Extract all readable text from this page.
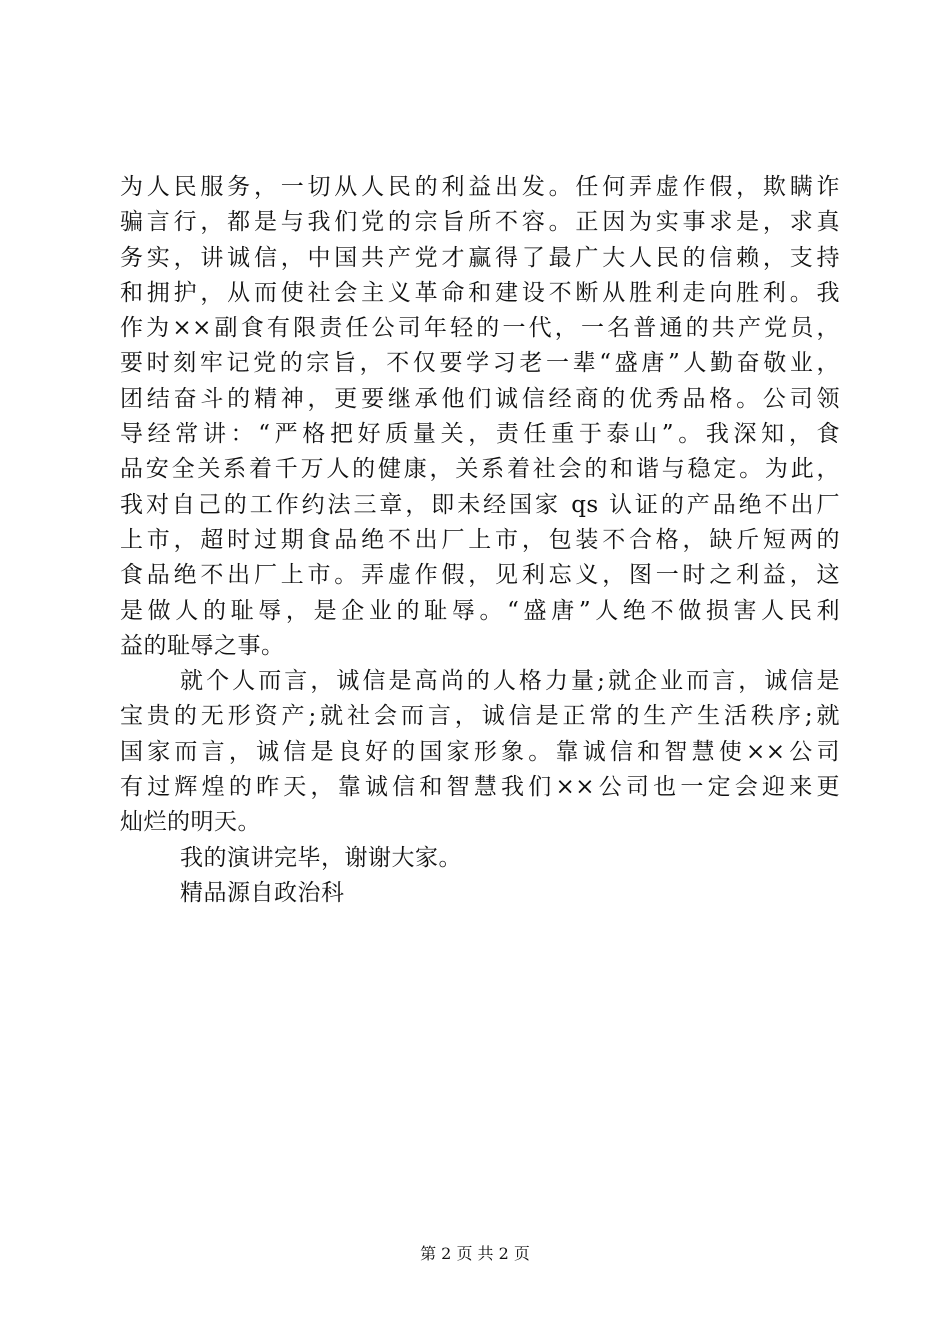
为人民服务，一切从人民的利益出发。任何弄虚作假，欺瞒诈
骗言行，都是与我们党的宗旨所不容。正因为实事求是，求真
务实，讲诚信，中国共产党才赢得了最广大人民的信赖，支持
和拥护，从而使社会主义革命和建设不断从胜利走向胜利。我
作为××副食有限责任公司年轻的一代，一名普通的共产党员，
要时刻牢记党的宗旨，不仅要学习老一辈“盛唐”人勤奋敬业，
团结奋斗的精神，更要继承他们诚信经商的优秀品格。公司领
导经常讲：“严格把好质量关，责任重于泰山”。我深知，食
品安全关系着千万人的健康，关系着社会的和谐与稳定。为此，
我对自己的工作约法三章，即未经国家 qs 认证的产品绝不出厂
上市，超时过期食品绝不出厂上市，包装不合格，缺斤短两的
食品绝不出厂上市。弄虚作假，见利忘义，图一时之利益，这
是做人的耻辱，是企业的耻辱。“盛唐”人绝不做损害人民利
益的耻辱之事。
就个人而言，诚信是高尚的人格力量;就企业而言，诚信是
宝贵的无形资产;就社会而言，诚信是正常的生产生活秩序;就
国家而言，诚信是良好的国家形象。靠诚信和智慧使××公司
有过辉煌的昨天，靠诚信和智慧我们××公司也一定会迎来更
灿烂的明天。
我的演讲完毕，谢谢大家。
精品源自政治科
第 2 页 共 2 页
